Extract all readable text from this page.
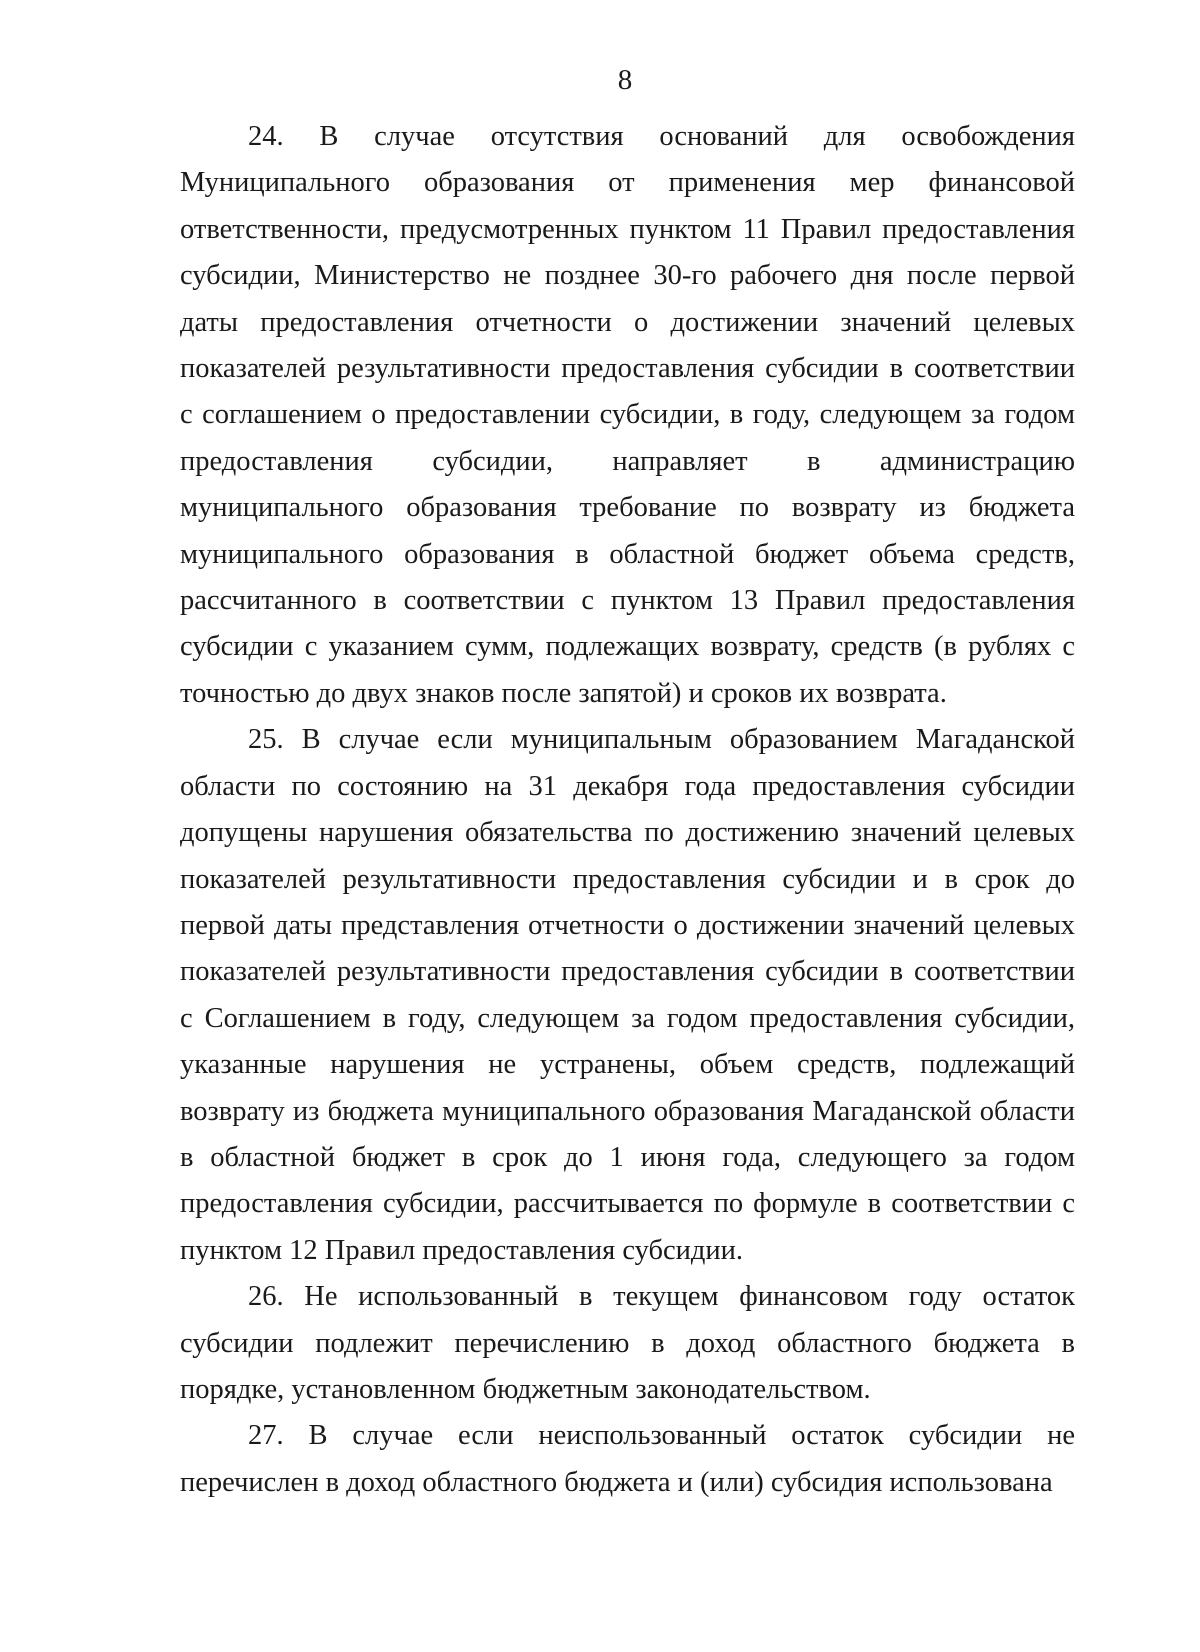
8

24. В случае отсутствия оснований для освобождения Муниципального образования от применения мер финансовой ответственности, предусмотренных пунктом 11 Правил предоставления субсидии, Министерство не позднее 30-го рабочего дня после первой даты предоставления отчетности о достижении значений целевых показателей результативности предоставления субсидии в соответствии с соглашением о предоставлении субсидии, в году, следующем за годом предоставления субсидии, направляет в администрацию муниципального образования требование по возврату из бюджета муниципального образования в областной бюджет объема средств, рассчитанного в соответствии с пунктом 13 Правил предоставления субсидии с указанием сумм, подлежащих возврату, средств (в рублях с точностью до двух знаков после запятой) и сроков их возврата.

25. В случае если муниципальным образованием Магаданской области по состоянию на 31 декабря года предоставления субсидии допущены нарушения обязательства по достижению значений целевых показателей результативности предоставления субсидии и в срок до первой даты представления отчетности о достижении значений целевых показателей результативности предоставления субсидии в соответствии с Соглашением в году, следующем за годом предоставления субсидии, указанные нарушения не устранены, объем средств, подлежащий возврату из бюджета муниципального образования Магаданской области в областной бюджет в срок до 1 июня года, следующего за годом предоставления субсидии, рассчитывается по формуле в соответствии с пунктом 12 Правил предоставления субсидии.

26. Не использованный в текущем финансовом году остаток субсидии подлежит перечислению в доход областного бюджета в порядке, установленном бюджетным законодательством.

27. В случае если неиспользованный остаток субсидии не перечислен в доход областного бюджета и (или) субсидия использована
